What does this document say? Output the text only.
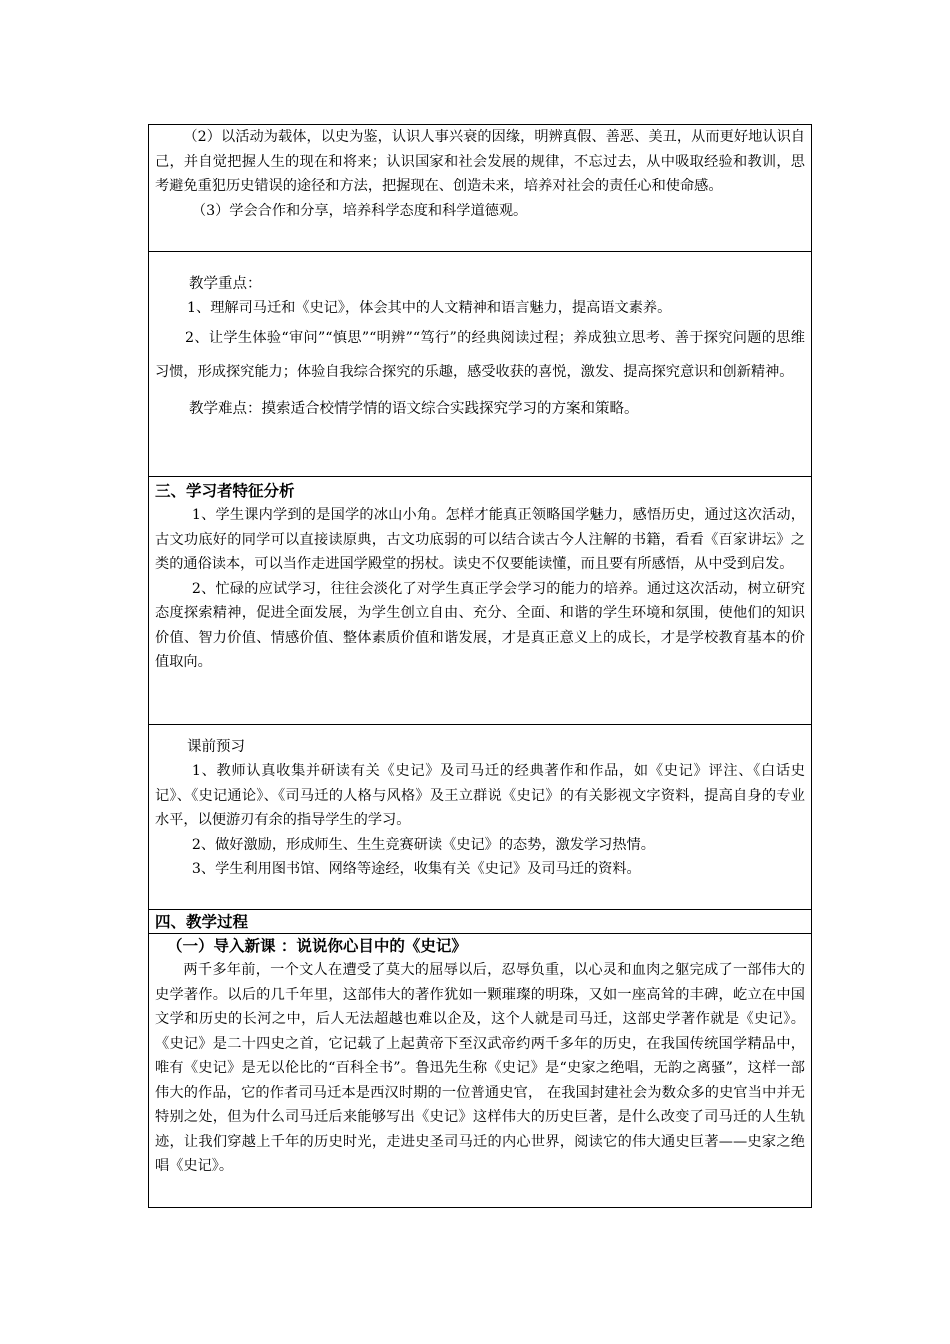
（2）以活动为载体，以史为鉴，认识人事兴衰的因缘，明辨真假、善恶、美丑，从而更好地认识自己，并自觉把握人生的现在和将来；认识国家和社会发展的规律，不忘过去，从中吸取经验和教训，思考避免重犯历史错误的途径和方法，把握现在、创造未来，培养对社会的责任心和使命感。

（3）学会合作和分享，培养科学态度和科学道德观。

教学重点：

1、理解司马迁和《史记》，体会其中的人文精神和语言魅力，提高语文素养。

2、让学生体验“审问”“慎思”“明辨”“笃行”的经典阅读过程；养成独立思考、善于探究问题的思维习惯，形成探究能力；体验自我综合探究的乐趣，感受收获的喜悦，激发、提高探究意识和创新精神。

教学难点：摸索适合校情学情的语文综合实践探究学习的方案和策略。

三、学习者特征分析

1、学生课内学到的是国学的冰山小角。怎样才能真正领略国学魅力，感悟历史，通过这次活动，古文功底好的同学可以直接读原典，古文功底弱的可以结合读古今人注解的书籍，看看《百家讲坛》之类的通俗读本，可以当作走进国学殿堂的拐杖。读史不仅要能读懂，而且要有所感悟，从中受到启发。

2、忙碌的应试学习，往往会淡化了对学生真正学会学习的能力的培养。通过这次活动，树立研究态度探索精神，促进全面发展，为学生创立自由、充分、全面、和谐的学生环境和氛围，使他们的知识价值、智力价值、情感价值、整体素质价值和谐发展，才是真正意义上的成长，才是学校教育基本的价值取向。

课前预习

1、教师认真收集并研读有关《史记》及司马迁的经典著作和作品，如《史记》评注、《白话史记》、《史记通论》、《司马迁的人格与风格》及王立群说《史记》的有关影视文字资料，提高自身的专业水平，以便游刃有余的指导学生的学习。

2、做好激励，形成师生、生生竞赛研读《史记》的态势，激发学习热情。

3、学生利用图书馆、网络等途经，收集有关《史记》及司马迁的资料。

四、教学过程

（一）导入新课 ：说说你心目中的《史记》

两千多年前，一个文人在遭受了莫大的屈辱以后，忍辱负重，以心灵和血肉之躯完成了一部伟大的史学著作。以后的几千年里，这部伟大的著作犹如一颗璀璨的明珠，又如一座高耸的丰碑，屹立在中国文学和历史的长河之中，后人无法超越也难以企及，这个人就是司马迁，这部史学著作就是《史记》。《史记》是二十四史之首，它记载了上起黄帝下至汉武帝约两千多年的历史，在我国传统国学精品中，唯有《史记》是无以伦比的“百科全书”。鲁迅先生称《史记》是“史家之绝唱，无韵之离骚”，这样一部伟大的作品，它的作者司马迁本是西汉时期的一位普通史官， 在我国封建社会为数众多的史官当中并无特别之处，但为什么司马迁后来能够写出《史记》这样伟大的历史巨著，是什么改变了司马迁的人生轨迹，让我们穿越上千年的历史时光，走进史圣司马迁的内心世界，阅读它的伟大通史巨著——史家之绝唱《史记》。
